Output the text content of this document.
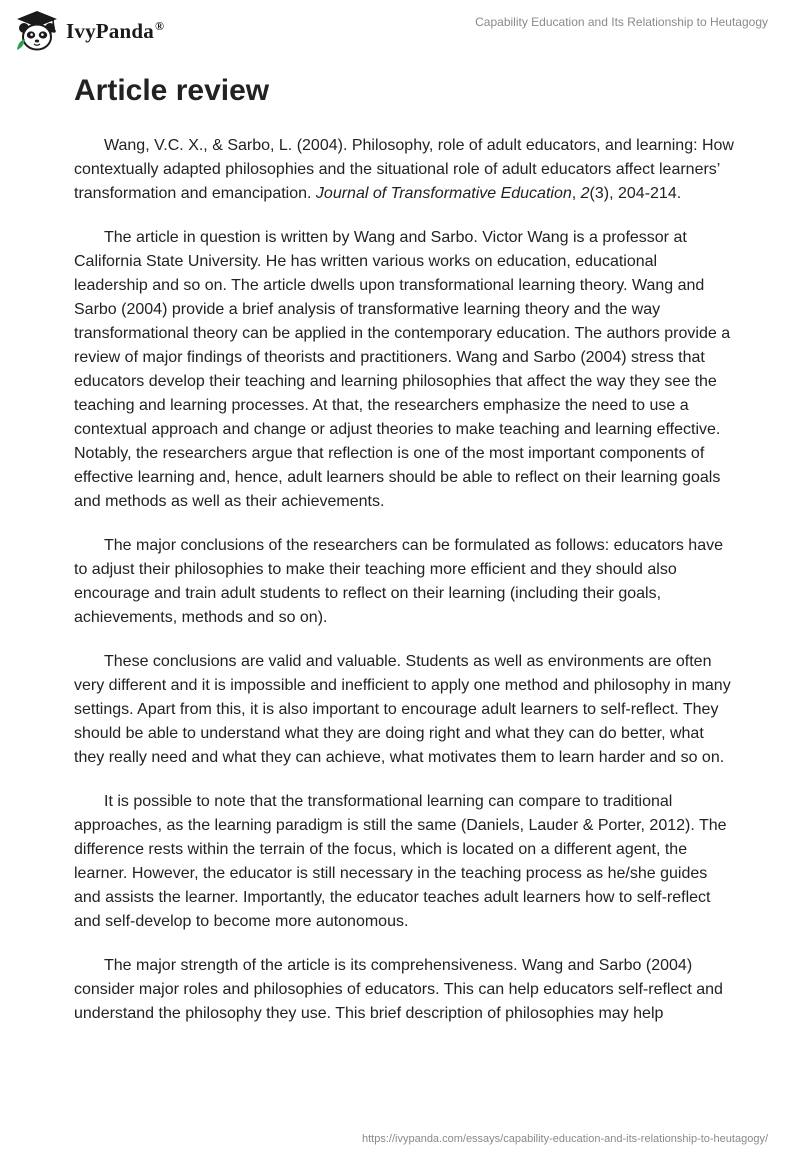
IvyPanda®	Capability Education and Its Relationship to Heutagogy
Article review

Wang, V.C. X., & Sarbo, L. (2004). Philosophy, role of adult educators, and learning: How contextually adapted philosophies and the situational role of adult educators affect learners’ transformation and emancipation. Journal of Transformative Education, 2(3), 204-214.

The article in question is written by Wang and Sarbo. Victor Wang is a professor at California State University. He has written various works on education, educational leadership and so on. The article dwells upon transformational learning theory. Wang and Sarbo (2004) provide a brief analysis of transformative learning theory and the way transformational theory can be applied in the contemporary education. The authors provide a review of major findings of theorists and practitioners. Wang and Sarbo (2004) stress that educators develop their teaching and learning philosophies that affect the way they see the teaching and learning processes. At that, the researchers emphasize the need to use a contextual approach and change or adjust theories to make teaching and learning effective. Notably, the researchers argue that reflection is one of the most important components of effective learning and, hence, adult learners should be able to reflect on their learning goals and methods as well as their achievements.

The major conclusions of the researchers can be formulated as follows: educators have to adjust their philosophies to make their teaching more efficient and they should also encourage and train adult students to reflect on their learning (including their goals, achievements, methods and so on).

These conclusions are valid and valuable. Students as well as environments are often very different and it is impossible and inefficient to apply one method and philosophy in many settings. Apart from this, it is also important to encourage adult learners to self-reflect. They should be able to understand what they are doing right and what they can do better, what they really need and what they can achieve, what motivates them to learn harder and so on.

It is possible to note that the transformational learning can compare to traditional approaches, as the learning paradigm is still the same (Daniels, Lauder & Porter, 2012). The difference rests within the terrain of the focus, which is located on a different agent, the learner. However, the educator is still necessary in the teaching process as he/she guides and assists the learner. Importantly, the educator teaches adult learners how to self-reflect and self-develop to become more autonomous.

The major strength of the article is its comprehensiveness. Wang and Sarbo (2004) consider major roles and philosophies of educators. This can help educators self-reflect and understand the philosophy they use. This brief description of philosophies may help

https://ivypanda.com/essays/capability-education-and-its-relationship-to-heutagogy/
